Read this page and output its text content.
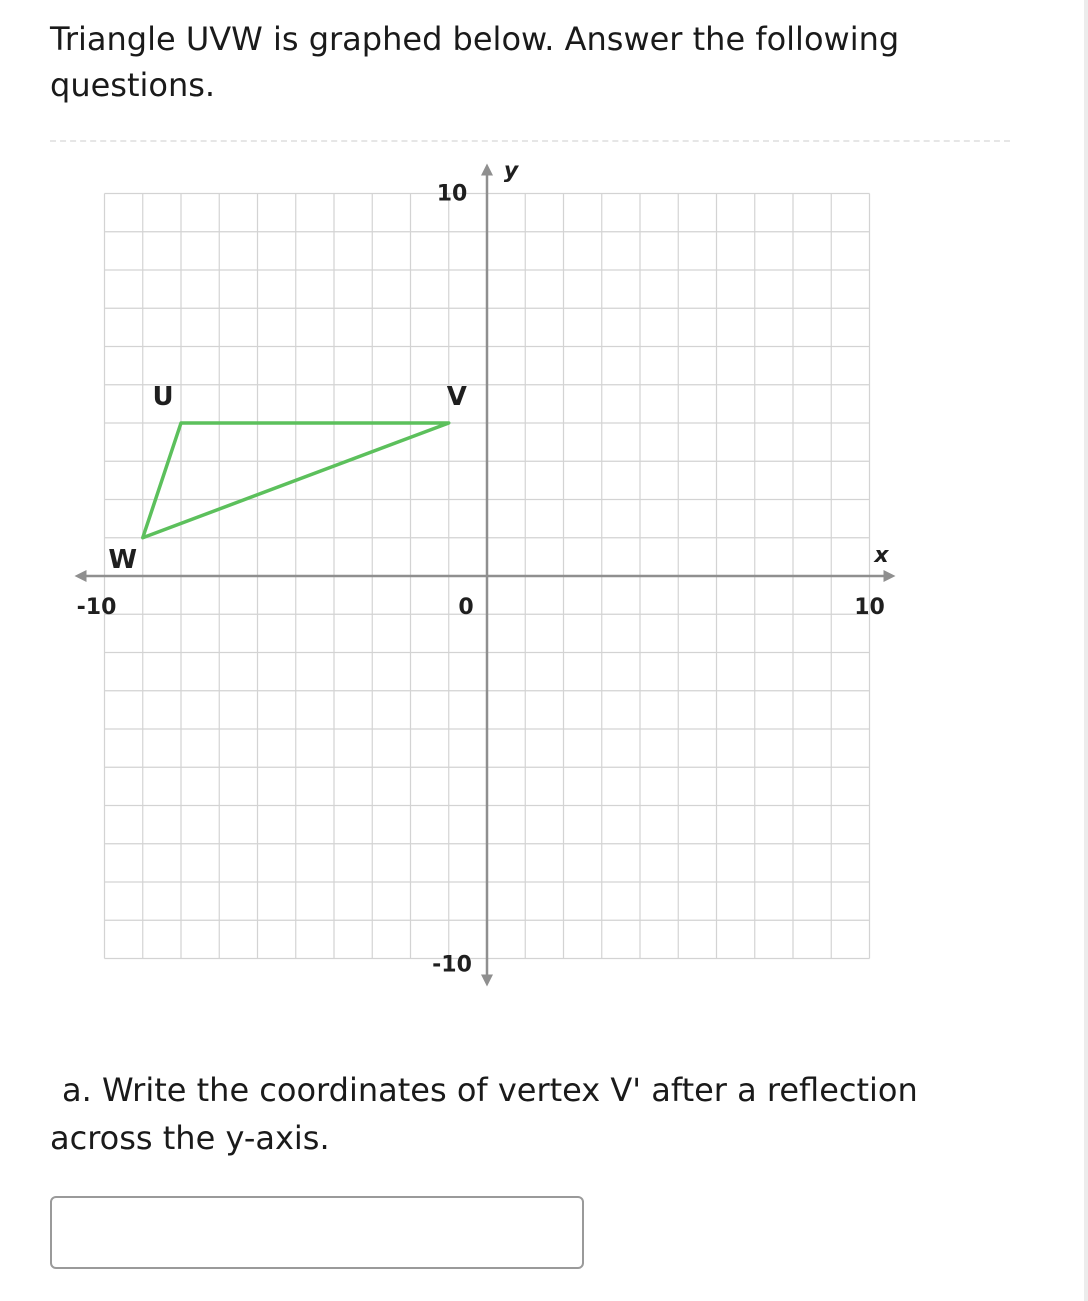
Triangle UVW is graphed below. Answer the following questions.

-10	0	10
10
-10
x
y
U	V
W

a. Write the coordinates of vertex V' after a reflection across the y-axis.
